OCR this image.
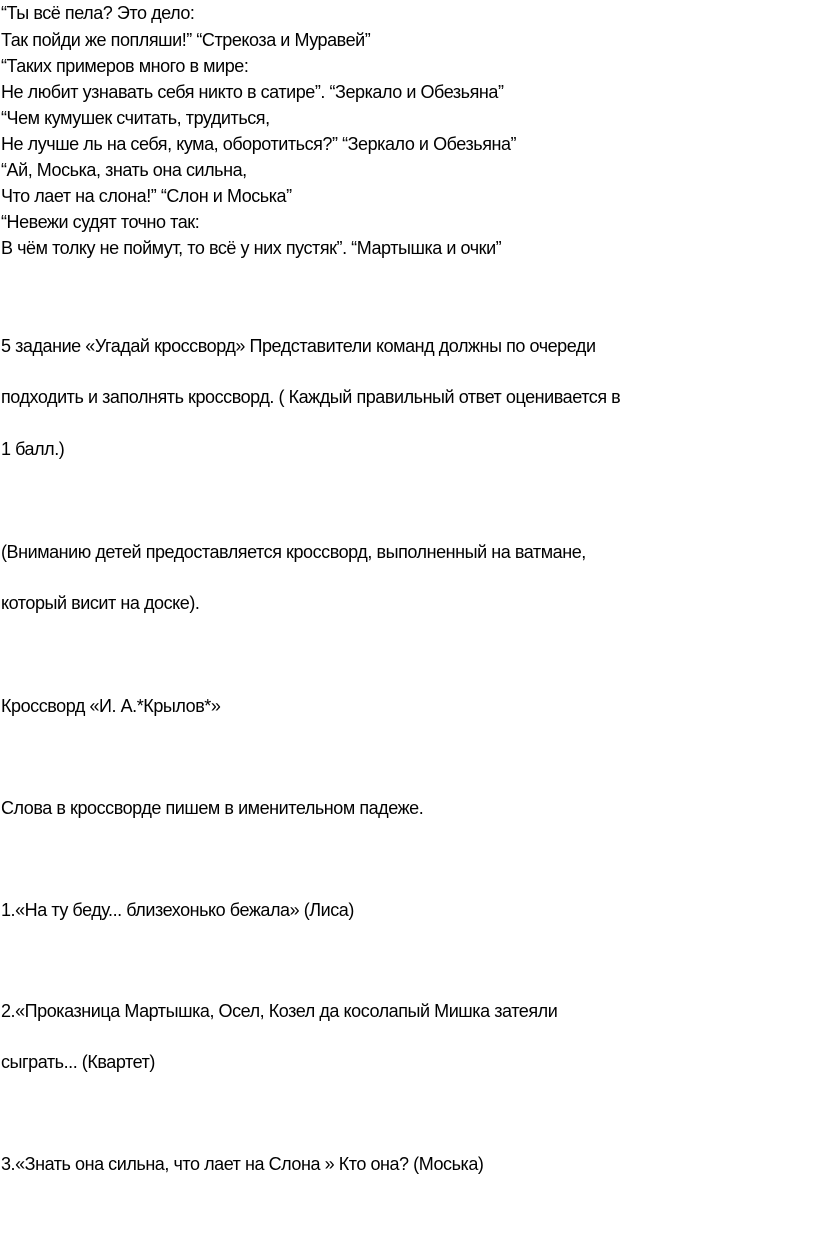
“Ты всё пела? Это дело:
Так пойди же попляши!” “Стрекоза и Муравей”
“Таких примеров много в мире:
Не любит узнавать себя никто в сатире”. “Зеркало и Обезьяна”
“Чем кумушек считать, трудиться,
Не лучше ль на себя, кума, оборотиться?” “Зеркало и Обезьяна”
“Ай, Моська, знать она сильна,
Что лает на слона!” “Слон и Моська”
“Невежи судят точно так:
В чём толку не поймут, то всё у них пустяк”. “Мартышка и очки”
5 задание «Угадай кроссворд» Представители команд должны по очереди
подходить и заполнять кроссворд. ( Каждый правильный ответ оценивается в
1 балл.)
(Вниманию детей предоставляется кроссворд, выполненный на ватмане,
который висит на доске).
Кроссворд «И. А.*Крылов*»
Слова в кроссворде пишем в именительном падеже.
1.«На ту беду... близехонько бежала» (Лиса)
2.«Проказница Мартышка, Осел, Козел да косолапый Мишка затеяли
сыграть... (Квартет)
3.«Знать она сильна, что лает на Слона » Кто она? (Моська)
